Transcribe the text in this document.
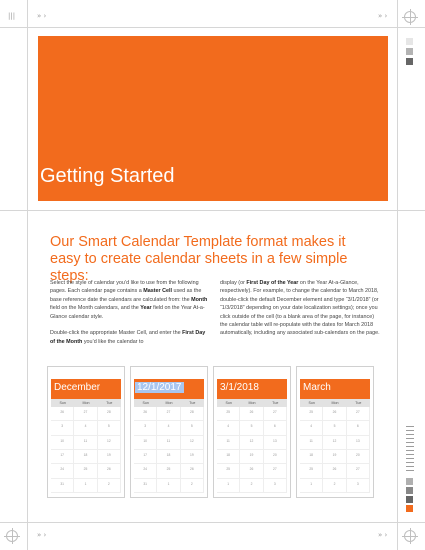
|||	» ›	» ›
» ›	» ›
Getting Started
Our Smart Calendar Template format makes it easy to create calendar sheets in a few simple steps:

Select the style of calendar you’d like to use from the following pages. Each calendar page contains a Master Cell used as the base reference date the calendars are calculated from: the Month field on the Month calendars, and the Year field on the Year At-a-Glance calendar style.

Double-click the appropriate Master Cell, and enter the First Day of the Month you’d like the calendar to

display (or First Day of the Year on the Year At-a-Glance, respectively). For example, to change the calendar to March 2018, double-click the default December element and type “3/1/2018” (or “1/3/2018” depending on your date localization settings); once you click outside of the cell (to a blank area of the page, for instance) the calendar table will re-populate with the dates for March 2018 automatically, including any associated sub-calendars on the page.

December
Sun	Mon	Tue
26	27	28
3	4	5
10	11	12
17	18	19
24	25	26
31	1	2
12/1/2017
Sun	Mon	Tue
26	27	28
3	4	5
10	11	12
17	18	19
24	25	26
31	1	2
3/1/2018
Sun	Mon	Tue
25	26	27
4	5	6
11	12	13
18	19	20
25	26	27
1	2	3
March
Sun	Mon	Tue
25	26	27
4	5	6
11	12	13
18	19	20
25	26	27
1	2	3
